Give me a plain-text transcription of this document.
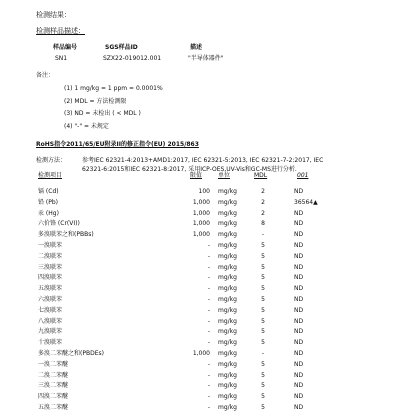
检测结果：
检测样品描述：
样品编号	SGS样品ID	描述
SN1	SZX22-019012.001	"半导体器件"
备注：
(1) 1 mg/kg = 1 ppm = 0.0001%
(2) MDL = 方法检测限
(3) ND = 未检出 ( < MDL )
(4) "-" = 未规定
RoHS指令2011/65/EU附录II的修正指令(EU) 2015/863
检测方法：	参考IEC 62321-4:2013+AMD1:2017, IEC 62321-5:2013, IEC 62321-7-2:2017, IEC
62321-6:2015和IEC 62321-8:2017, 采用ICP-OES,UV-Vis和GC-MS进行分析.
检测项目	限值	单位	MDL	001
镉 (Cd)	100 mg/kg	2	ND
铅 (Pb)	1,000 mg/kg	2	36564▲
汞 (Hg)	1,000 mg/kg	2	ND
六价铬 (Cr(VI))	1,000 mg/kg	8	ND
多溴联苯之和(PBBs)	1,000 mg/kg	-	ND
一溴联苯	- mg/kg	5	ND
二溴联苯	- mg/kg	5	ND
三溴联苯	- mg/kg	5	ND
四溴联苯	- mg/kg	5	ND
五溴联苯	- mg/kg	5	ND
六溴联苯	- mg/kg	5	ND
七溴联苯	- mg/kg	5	ND
八溴联苯	- mg/kg	5	ND
九溴联苯	- mg/kg	5	ND
十溴联苯	- mg/kg	5	ND
多溴二苯醚之和(PBDEs)	1,000 mg/kg	-	ND
一溴二苯醚	- mg/kg	5	ND
二溴二苯醚	- mg/kg	5	ND
三溴二苯醚	- mg/kg	5	ND
四溴二苯醚	- mg/kg	5	ND
五溴二苯醚	- mg/kg	5	ND
